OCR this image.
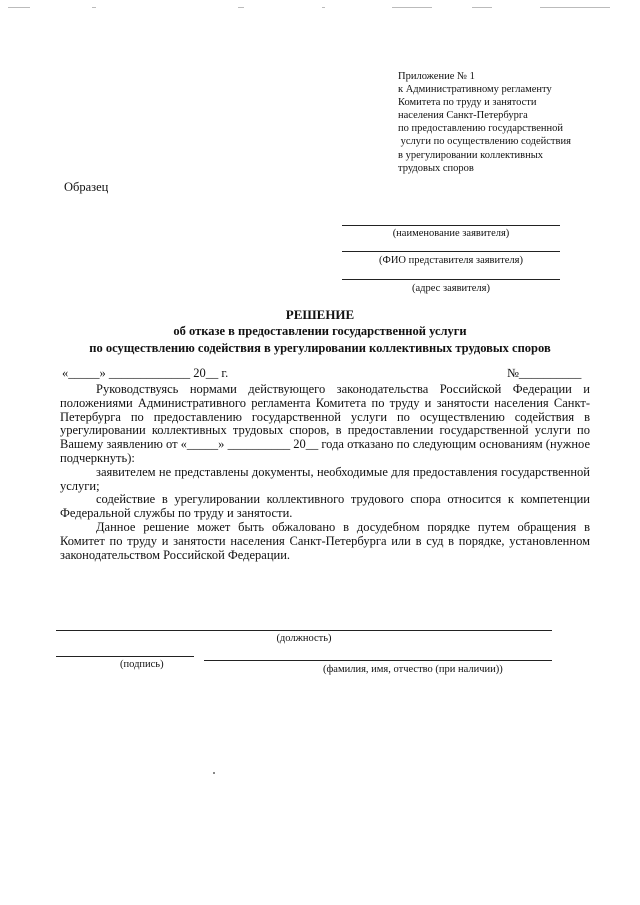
Приложение № 1
к Административному регламенту
Комитета по труду и занятости
населения Санкт-Петербурга
по предоставлению государственной
услуги по осуществлению содействия
в урегулировании коллективных
трудовых споров
Образец
(наименование заявителя)
(ФИО представителя заявителя)
(адрес заявителя)
РЕШЕНИЕ
об отказе в предоставлении государственной услуги
по осуществлению содействия в урегулировании коллективных трудовых споров
«_____» _____________ 20__ г.	№__________

Руководствуясь нормами действующего законодательства Российской Федерации и положениями Административного регламента Комитета по труду и занятости населения Санкт-Петербурга по предоставлению государственной услуги по осуществлению содействия в урегулировании коллективных трудовых споров, в предоставлении государственной услуги по Вашему заявлению от «_____» __________ 20__ года отказано по следующим основаниям (нужное подчеркнуть):

заявителем не представлены документы, необходимые для предоставления государственной услуги;

содействие в урегулировании коллективного трудового спора относится к компетенции Федеральной службы по труду и занятости.

Данное решение может быть обжаловано в досудебном порядке путем обращения в Комитет по труду и занятости населения Санкт-Петербурга или в суд в порядке, установленном законодательством Российской Федерации.

(должность)
(подпись)	(фамилия, имя, отчество (при наличии))
